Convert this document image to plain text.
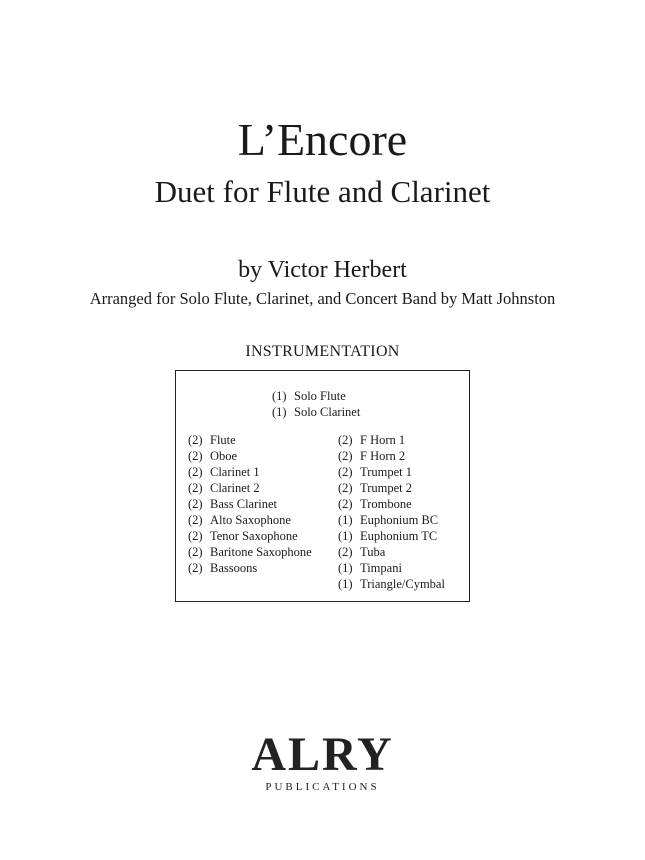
L’Encore
Duet for Flute and Clarinet
by Victor Herbert
Arranged for Solo Flute, Clarinet, and Concert Band by Matt Johnston
INSTRUMENTATION
(1) Solo Flute
(1) Solo Clarinet
(2) Flute
(2) Oboe
(2) Clarinet 1
(2) Clarinet 2
(2) Bass Clarinet
(2) Alto Saxophone
(2) Tenor Saxophone
(2) Baritone Saxophone
(2) Bassoons
(2) F Horn 1
(2) F Horn 2
(2) Trumpet 1
(2) Trumpet 2
(2) Trombone
(1) Euphonium BC
(1) Euphonium TC
(2) Tuba
(1) Timpani
(1) Triangle/Cymbal
ALRY
PUBLICATIONS
